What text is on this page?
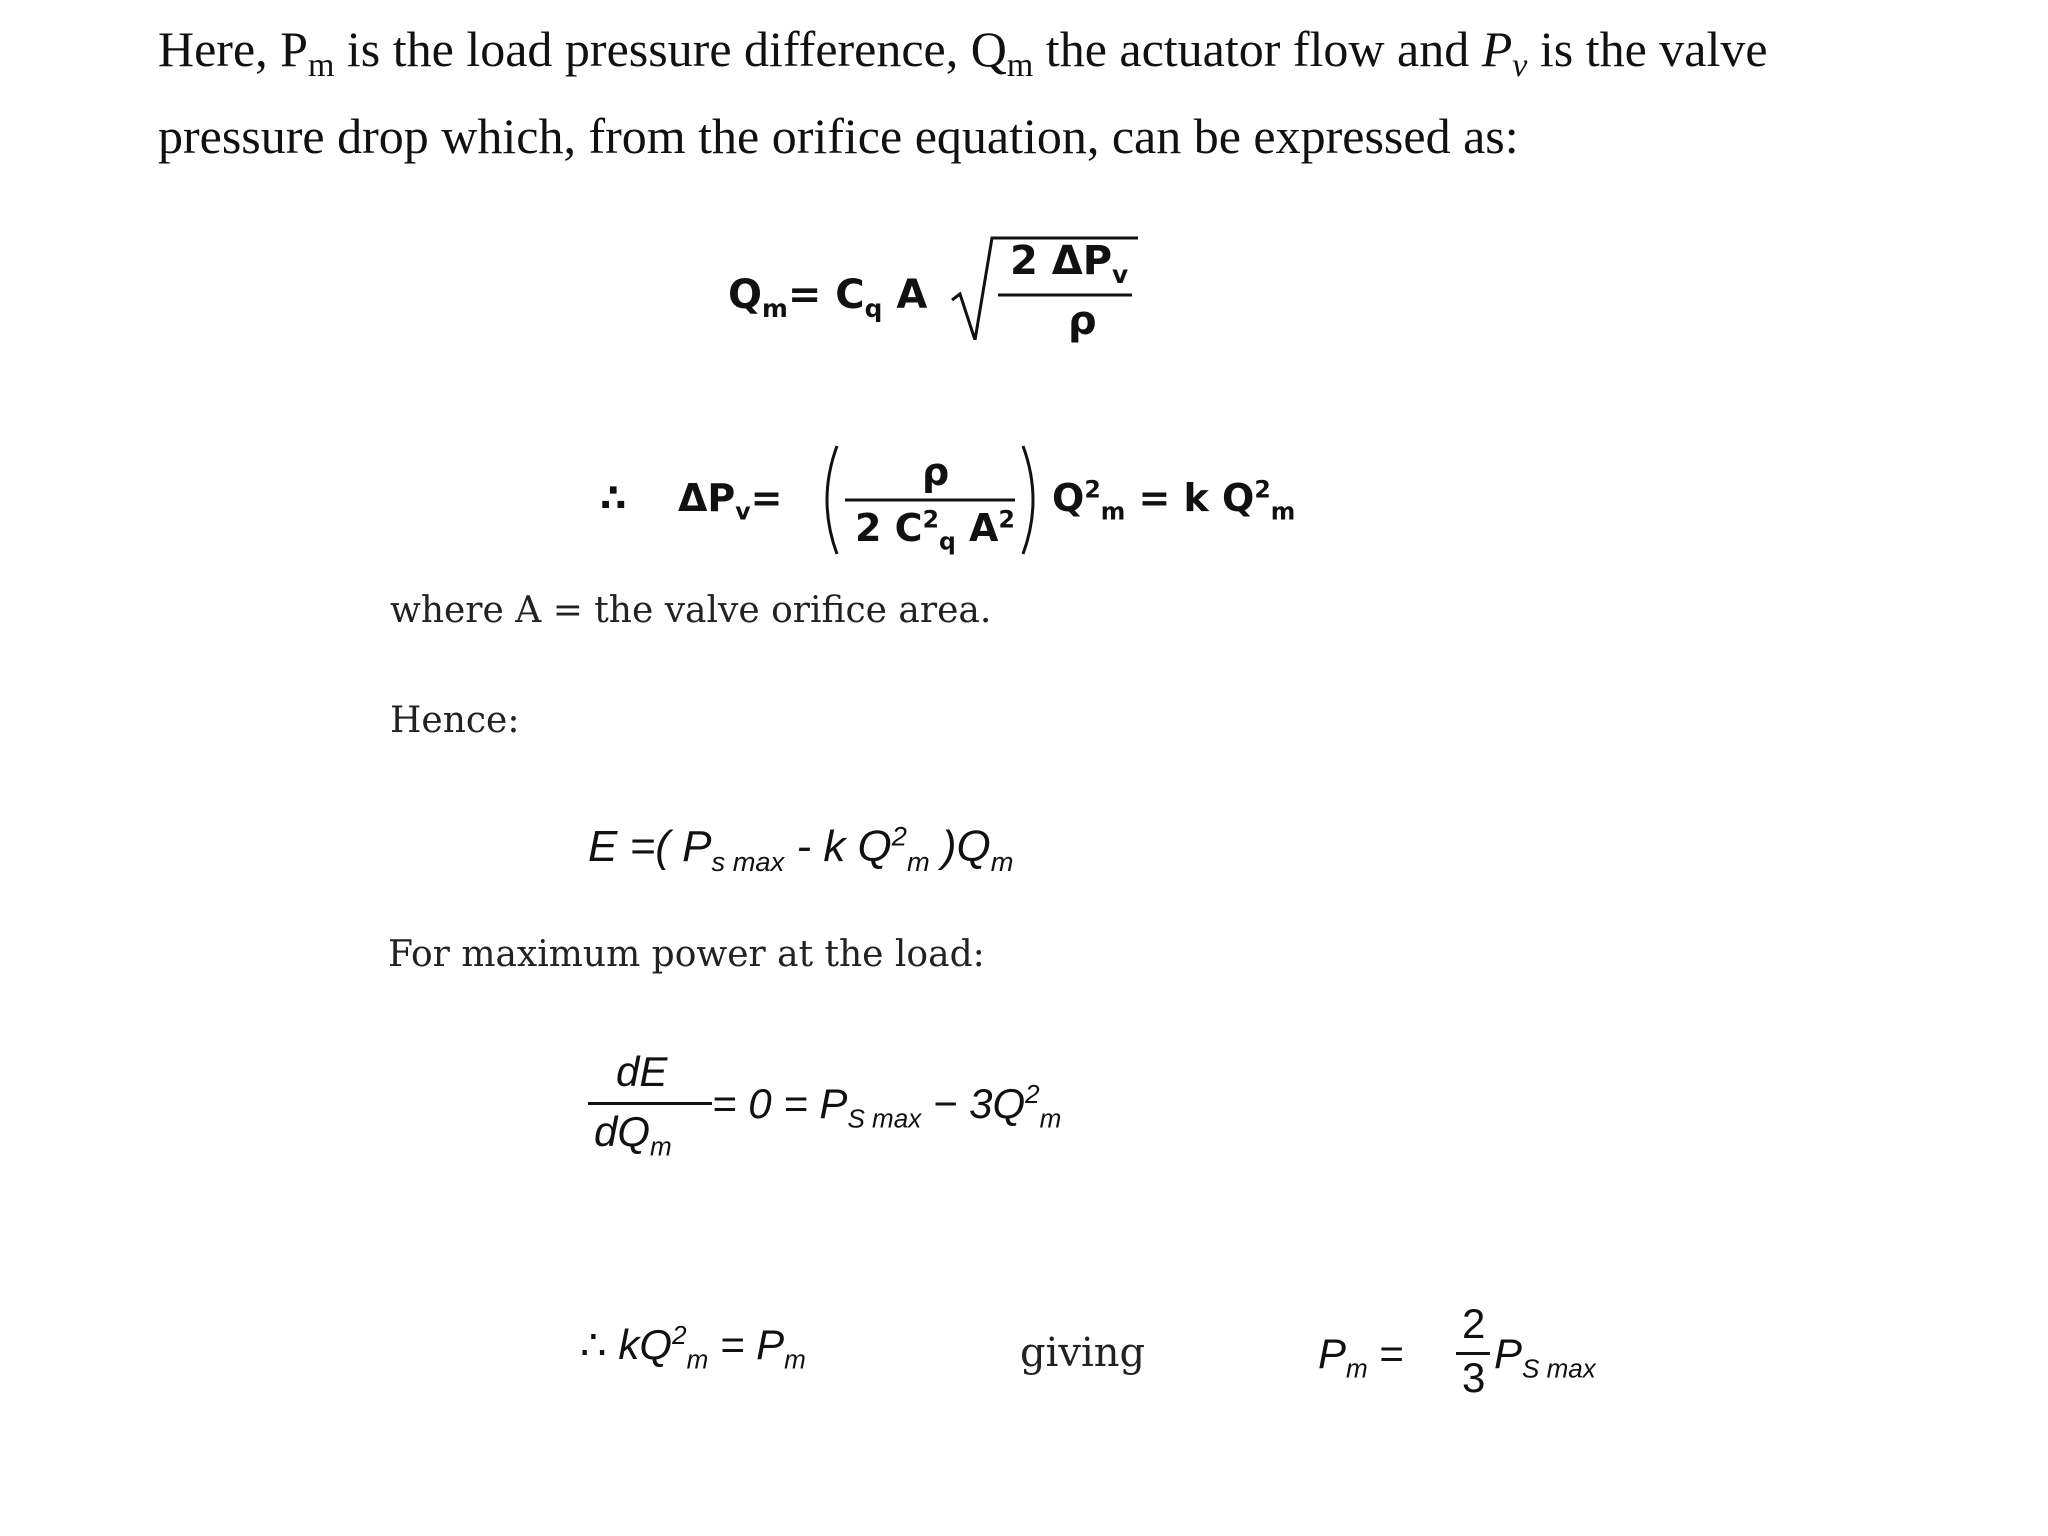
Here, $P_m$ is the load pressure difference, $Q_m$ the actuator flow and $P_v$ is the valve
pressure drop which, from the orifice equation, can be expressed as:
$Q_m= C_q$ A
2 $\Delta P_v$
ρ
∴ $\Delta P_v=$
ρ
2 $C^2_q$ $A^2$ $Q^2_m = k$ $Q^2_m$
where A = the valve orifice area.
Hence:
E =( $P_{s max}$ - k $Q^2_m$ )$Q_m$
For maximum power at the load:
dE
$dQ_m$
= $0 = P_{S max} - 3Q^2_m$
∴ $kQ^2_m = P_m$	giving	$P_m$ =
2
3
$P_{S max}$
